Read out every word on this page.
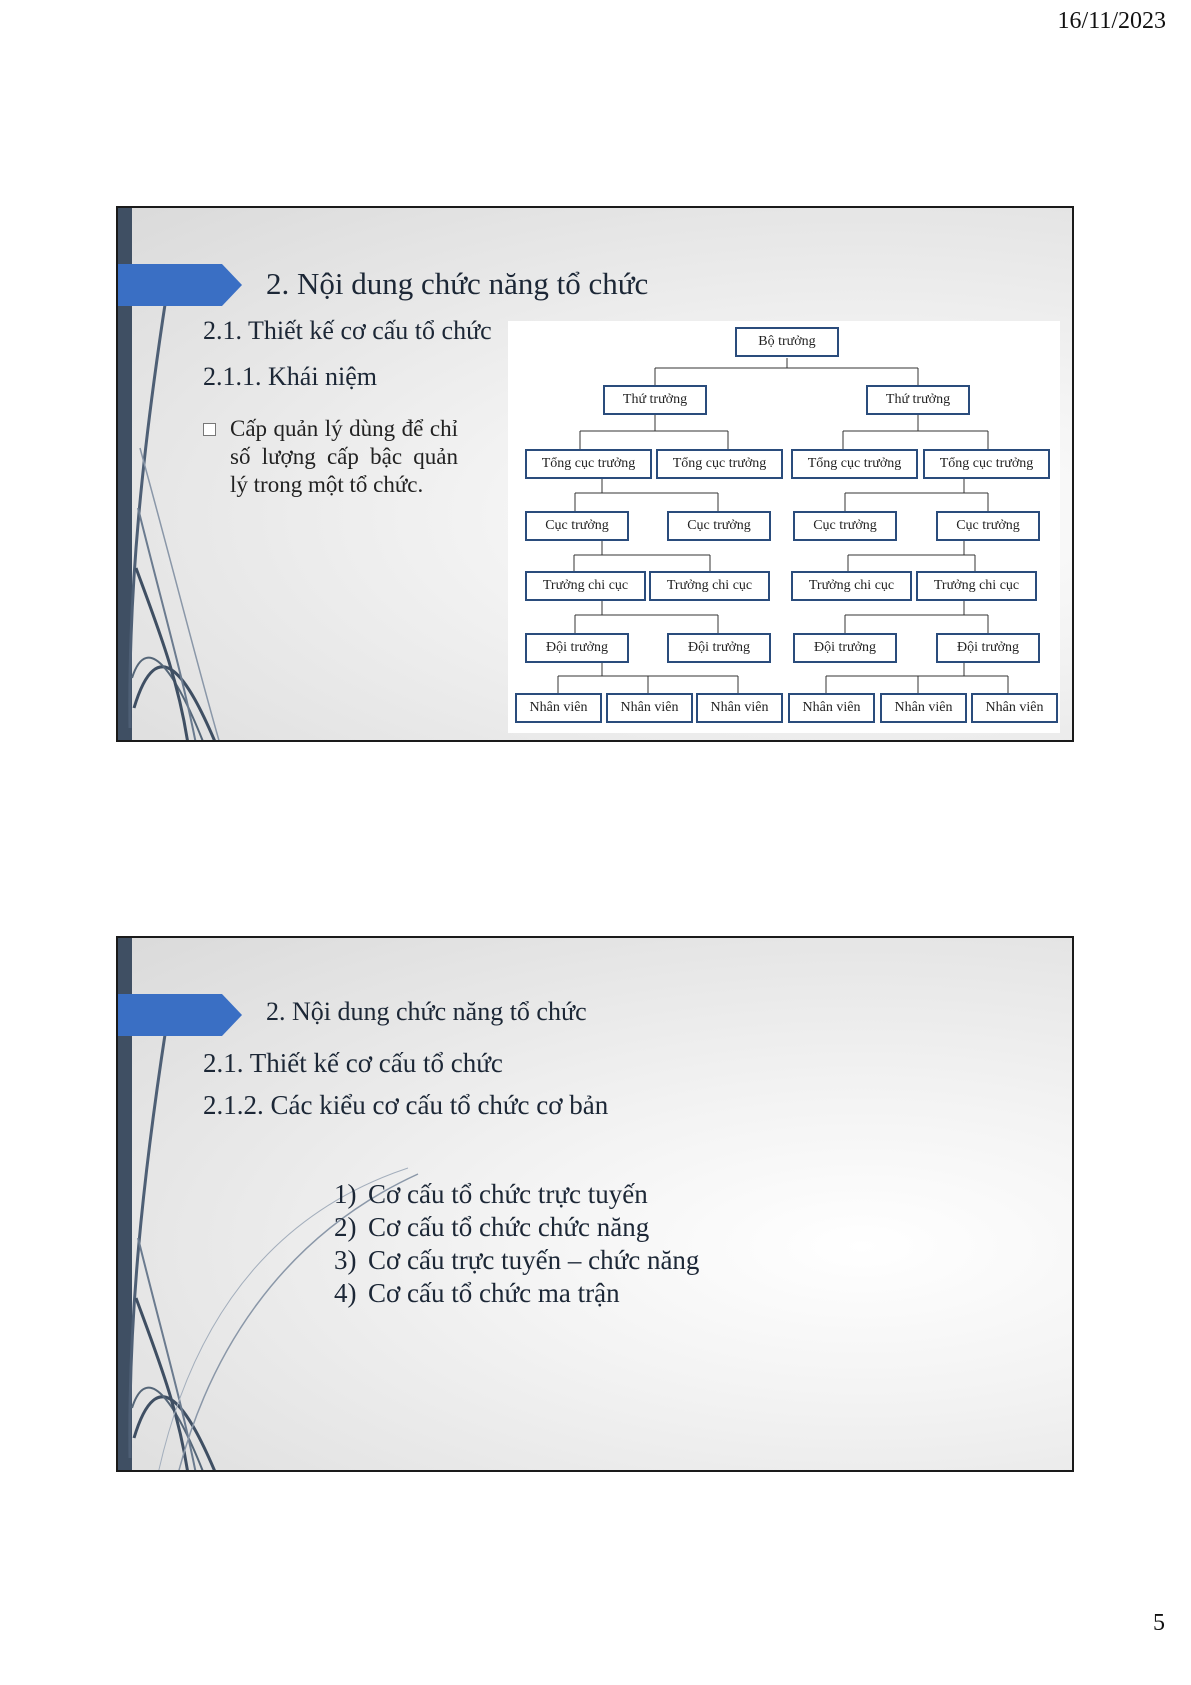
16/11/2023
2. Nội dung chức năng tổ chức
2.1. Thiết kế cơ cấu tổ chức
2.1.1. Khái niệm
Cấp quản lý dùng để chỉ số lượng cấp bậc quản lý trong một tổ chức.
Bộ trưởng
Thứ trưởng	Thứ trưởng
Tổng cục trưởng	Tổng cục trưởng	Tổng cục trưởng	Tổng cục trưởng
Cục trưởng	Cục trưởng	Cục trưởng	Cục trưởng
Trưởng chi cục	Trưởng chi cục	Trưởng chi cục	Trưởng chi cục
Đội trưởng	Đội trưởng	Đội trưởng	Đội trưởng
Nhân viên	Nhân viên	Nhân viên	Nhân viên	Nhân viên	Nhân viên
2. Nội dung chức năng tổ chức
2.1. Thiết kế cơ cấu tổ chức
2.1.2. Các kiểu cơ cấu tổ chức cơ bản
1) Cơ cấu tổ chức trực tuyến
2) Cơ cấu tổ chức chức năng
3) Cơ cấu trực tuyến – chức năng
4) Cơ cấu tổ chức ma trận
5
